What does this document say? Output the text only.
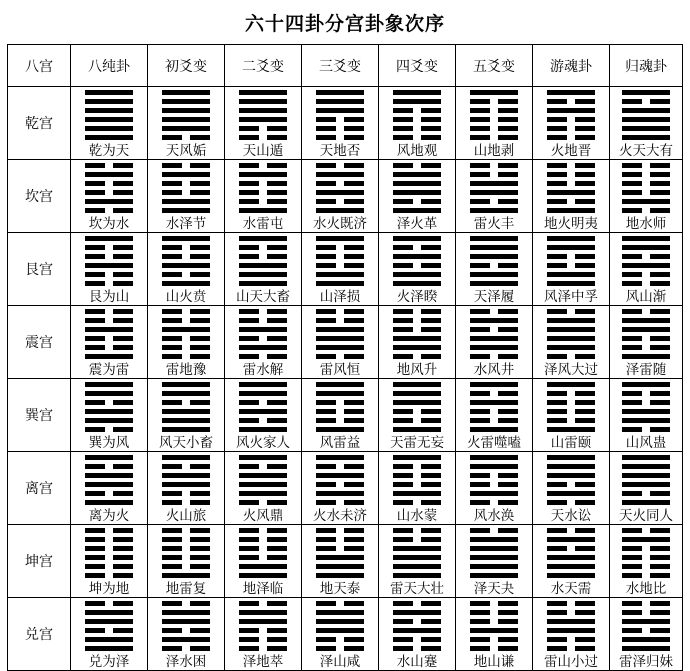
六十四卦分宫卦象次序
八宫	八纯卦	初爻变	二爻变	三爻变	四爻变	五爻变	游魂卦	归魂卦
乾宫	乾为天	天风姤	天山遁	天地否	风地观	山地剥	火地晋	火天大有

坎宫	坎为水	水泽节	水雷屯	水火既济	泽火革	雷火丰	地火明夷	地水师

艮宫	艮为山	山火贲	山天大畜	山泽损	火泽睽	天泽履	风泽中孚	风山渐

震宫	震为雷	雷地豫	雷水解	雷风恒	地风升	水风井	泽风大过	泽雷随

巽宫	巽为风	风天小畜	风火家人	风雷益	天雷无妄	火雷噬嗑	山雷颐	山风蛊

离宫	离为火	火山旅	火风鼎	火水未济	山水蒙	风水涣	天水讼	天火同人

坤宫	坤为地	地雷复	地泽临	地天泰	雷天大壮	泽天夬	水天需	水地比

兑宫	兑为泽	泽水困	泽地萃	泽山咸	水山蹇	地山谦	雷山小过	雷泽归妹
